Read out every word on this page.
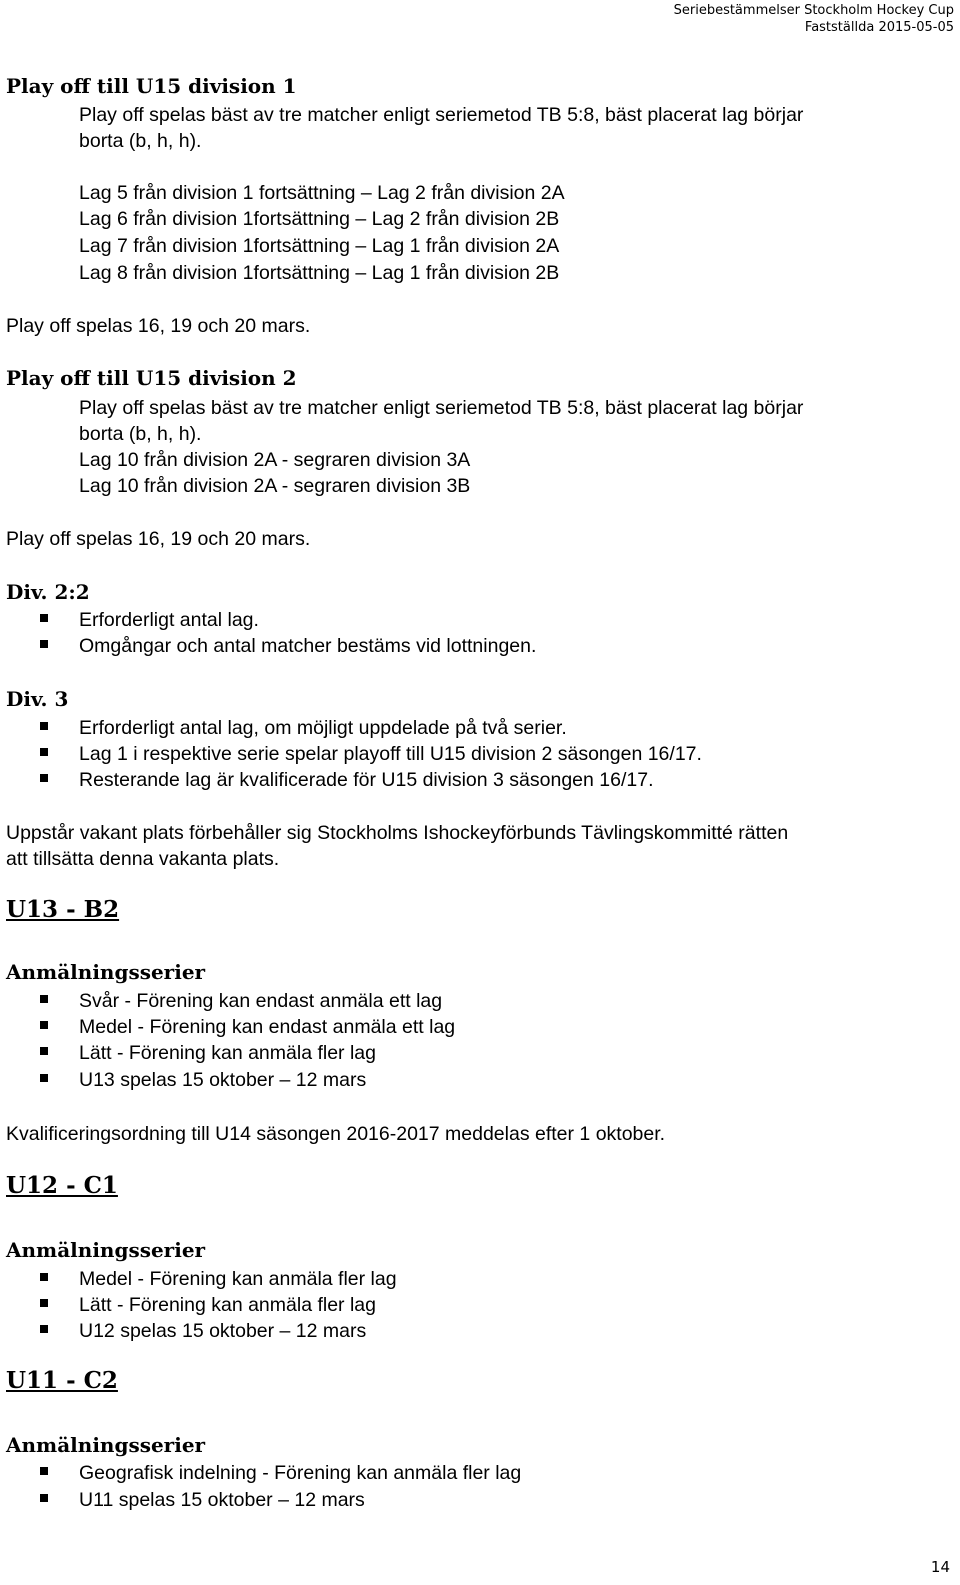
Seriebestämmelser Stockholm Hockey Cup
Fastställda 2015-05-05
Play off till U15 division 1
Play off spelas bäst av tre matcher enligt seriemetod TB 5:8, bäst placerat lag börjar
borta (b, h, h).
Lag 5 från division 1 fortsättning – Lag 2 från division 2A
Lag 6 från division 1fortsättning – Lag 2 från division 2B
Lag 7 från division 1fortsättning – Lag 1 från division 2A
Lag 8 från division 1fortsättning – Lag 1 från division 2B
Play off spelas 16, 19 och 20 mars.
Play off till U15 division 2
Play off spelas bäst av tre matcher enligt seriemetod TB 5:8, bäst placerat lag börjar
borta (b, h, h).
Lag 10 från division 2A - segraren division 3A
Lag 10 från division 2A - segraren division 3B
Play off spelas 16, 19 och 20 mars.
Div. 2:2
Erforderligt antal lag.
Omgångar och antal matcher bestäms vid lottningen.
Div. 3
Erforderligt antal lag, om möjligt uppdelade på två serier.
Lag 1 i respektive serie spelar playoff till U15 division 2 säsongen 16/17.
Resterande lag är kvalificerade för U15 division 3 säsongen 16/17.
Uppstår vakant plats förbehåller sig Stockholms Ishockeyförbunds Tävlingskommitté rätten
att tillsätta denna vakanta plats.
U13 - B2
Anmälningsserier
Svår - Förening kan endast anmäla ett lag
Medel - Förening kan endast anmäla ett lag
Lätt - Förening kan anmäla fler lag
U13 spelas 15 oktober – 12 mars
Kvalificeringsordning till U14 säsongen 2016-2017 meddelas efter 1 oktober.
U12 - C1
Anmälningsserier
Medel - Förening kan anmäla fler lag
Lätt - Förening kan anmäla fler lag
U12 spelas 15 oktober – 12 mars
U11 - C2
Anmälningsserier
Geografisk indelning - Förening kan anmäla fler lag
U11 spelas 15 oktober – 12 mars
14
